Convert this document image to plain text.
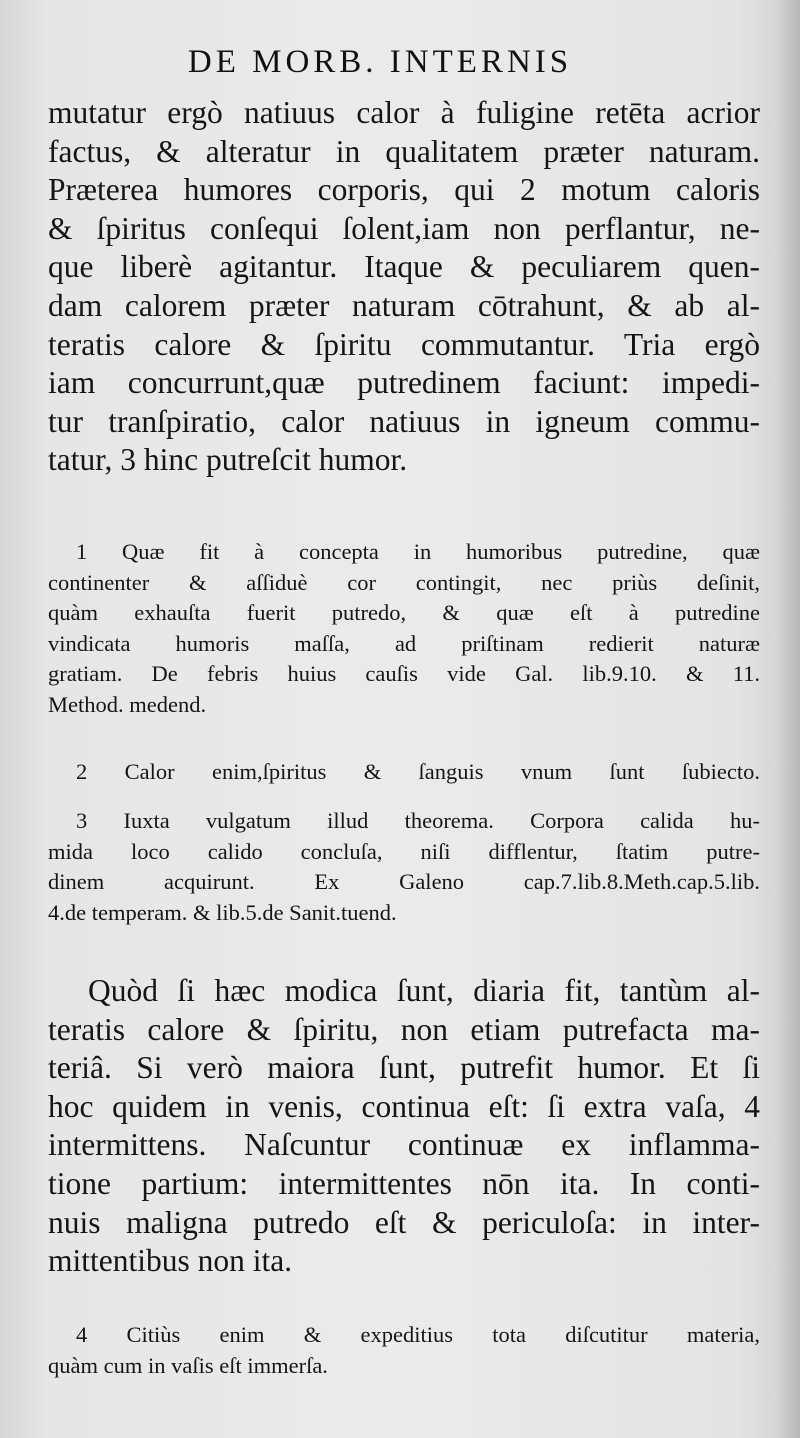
DE MORB. INTERNIS
mutatur ergò natiuus calor à fuligine retēta acrior
factus, & alteratur in qualitatem præter naturam.
Præterea humores corporis, qui 2 motum caloris
& ſpiritus conſequi ſolent,iam non perflantur, ne-
que liberè agitantur. Itaque & peculiarem quen-
dam calorem præter naturam cōtrahunt, & ab al-
teratis calore & ſpiritu commutantur. Tria ergò
iam concurrunt,quæ putredinem faciunt: impedi-
tur tranſpiratio, calor natiuus in igneum commu-
tatur, 3 hinc putreſcit humor.
1 Quæ fit à concepta in humoribus putredine, quæ
continenter & aſſiduè cor contingit, nec priùs deſinit,
quàm exhauſta fuerit putredo, & quæ eſt à putredine
vindicata humoris maſſa, ad priſtinam redierit naturæ
gratiam. De febris huius cauſis vide Gal. lib.9.10. & 11.
Method. medend.
2 Calor enim,ſpiritus & ſanguis vnum ſunt ſubiecto.
3 Iuxta vulgatum illud theorema. Corpora calida hu-
mida loco calido concluſa, niſi difflentur, ſtatim putre-
dinem acquirunt. Ex Galeno cap.7.lib.8.Meth.cap.5.lib.
4.de temperam. & lib.5.de Sanit.tuend.
Quòd ſi hæc modica ſunt, diaria fit, tantùm al-
teratis calore & ſpiritu, non etiam putrefacta ma-
teriâ. Si verò maiora ſunt, putrefit humor. Et ſi
hoc quidem in venis, continua eſt: ſi extra vaſa, 4
intermittens. Naſcuntur continuæ ex inflamma-
tione partium: intermittentes nōn ita. In conti-
nuis maligna putredo eſt & periculoſa: in inter-
mittentibus non ita.
4 Citiùs enim & expeditius tota diſcutitur materia,
quàm cum in vaſis eſt immerſa.
